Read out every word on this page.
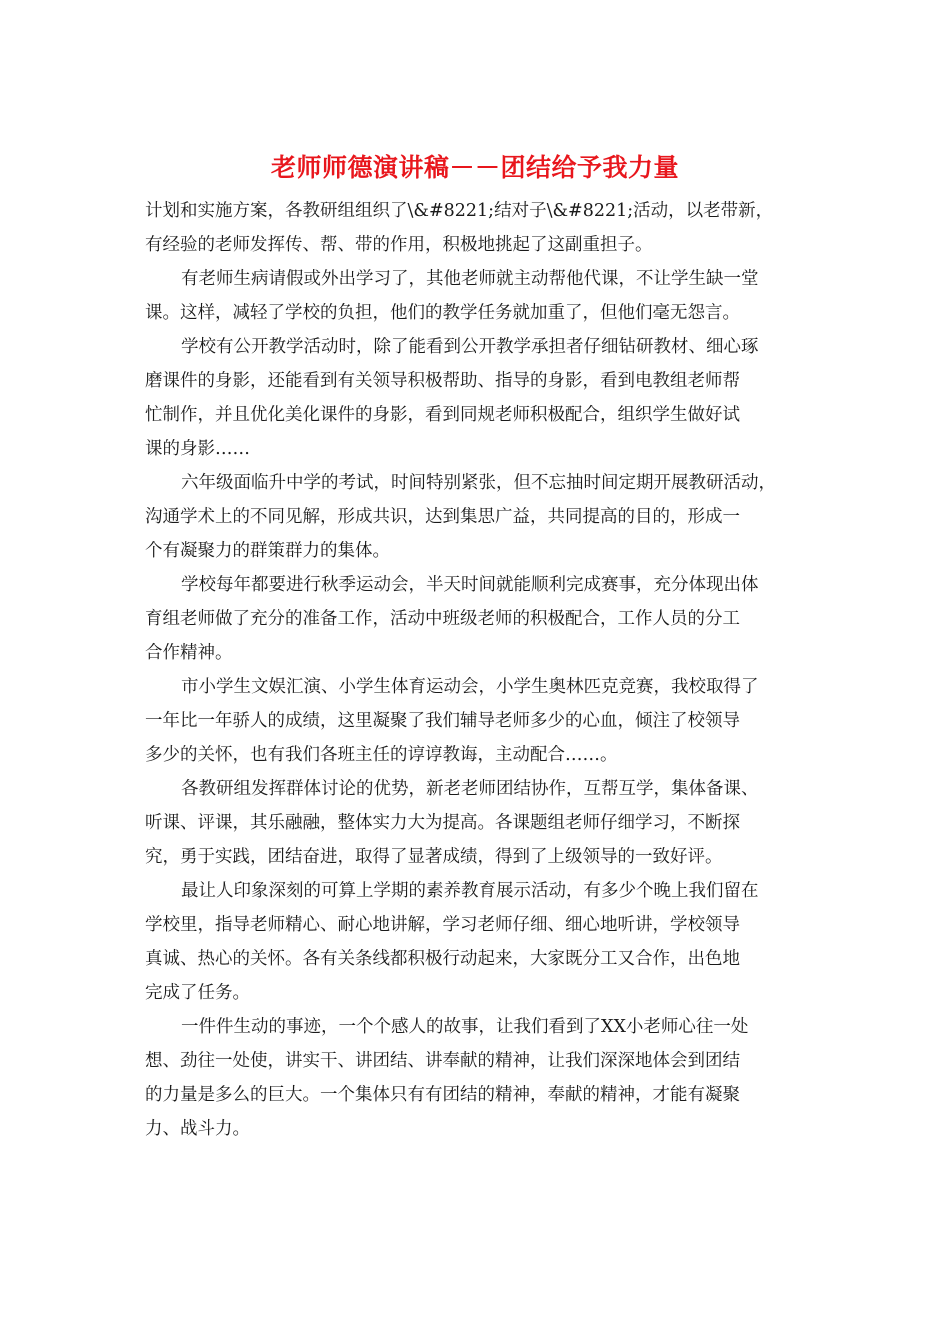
老师师德演讲稿－－团结给予我力量

计划和实施方案，各教研组组织了\&#8221;结对子\&#8221;活动，以老带新，

有经验的老师发挥传、帮、带的作用，积极地挑起了这副重担子。

有老师生病请假或外出学习了，其他老师就主动帮他代课，不让学生缺一堂

课。这样，减轻了学校的负担，他们的教学任务就加重了，但他们毫无怨言。

学校有公开教学活动时，除了能看到公开教学承担者仔细钻研教材、细心琢

磨课件的身影，还能看到有关领导积极帮助、指导的身影，看到电教组老师帮

忙制作，并且优化美化课件的身影，看到同规老师积极配合，组织学生做好试

课的身影……

六年级面临升中学的考试，时间特别紧张，但不忘抽时间定期开展教研活动，

沟通学术上的不同见解，形成共识，达到集思广益，共同提高的目的，形成一

个有凝聚力的群策群力的集体。

学校每年都要进行秋季运动会，半天时间就能顺利完成赛事，充分体现出体

育组老师做了充分的准备工作，活动中班级老师的积极配合，工作人员的分工

合作精神。

市小学生文娱汇演、小学生体育运动会，小学生奥林匹克竞赛，我校取得了

一年比一年骄人的成绩，这里凝聚了我们辅导老师多少的心血，倾注了校领导

多少的关怀，也有我们各班主任的谆谆教诲，主动配合……。

各教研组发挥群体讨论的优势，新老老师团结协作，互帮互学，集体备课、

听课、评课，其乐融融，整体实力大为提高。各课题组老师仔细学习，不断探

究，勇于实践，团结奋进，取得了显著成绩，得到了上级领导的一致好评。

最让人印象深刻的可算上学期的素养教育展示活动，有多少个晚上我们留在

学校里，指导老师精心、耐心地讲解，学习老师仔细、细心地听讲，学校领导

真诚、热心的关怀。各有关条线都积极行动起来，大家既分工又合作，出色地

完成了任务。

一件件生动的事迹，一个个感人的故事，让我们看到了XX小老师心往一处

想、劲往一处使，讲实干、讲团结、讲奉献的精神，让我们深深地体会到团结

的力量是多么的巨大。一个集体只有有团结的精神，奉献的精神，才能有凝聚

力、战斗力。
